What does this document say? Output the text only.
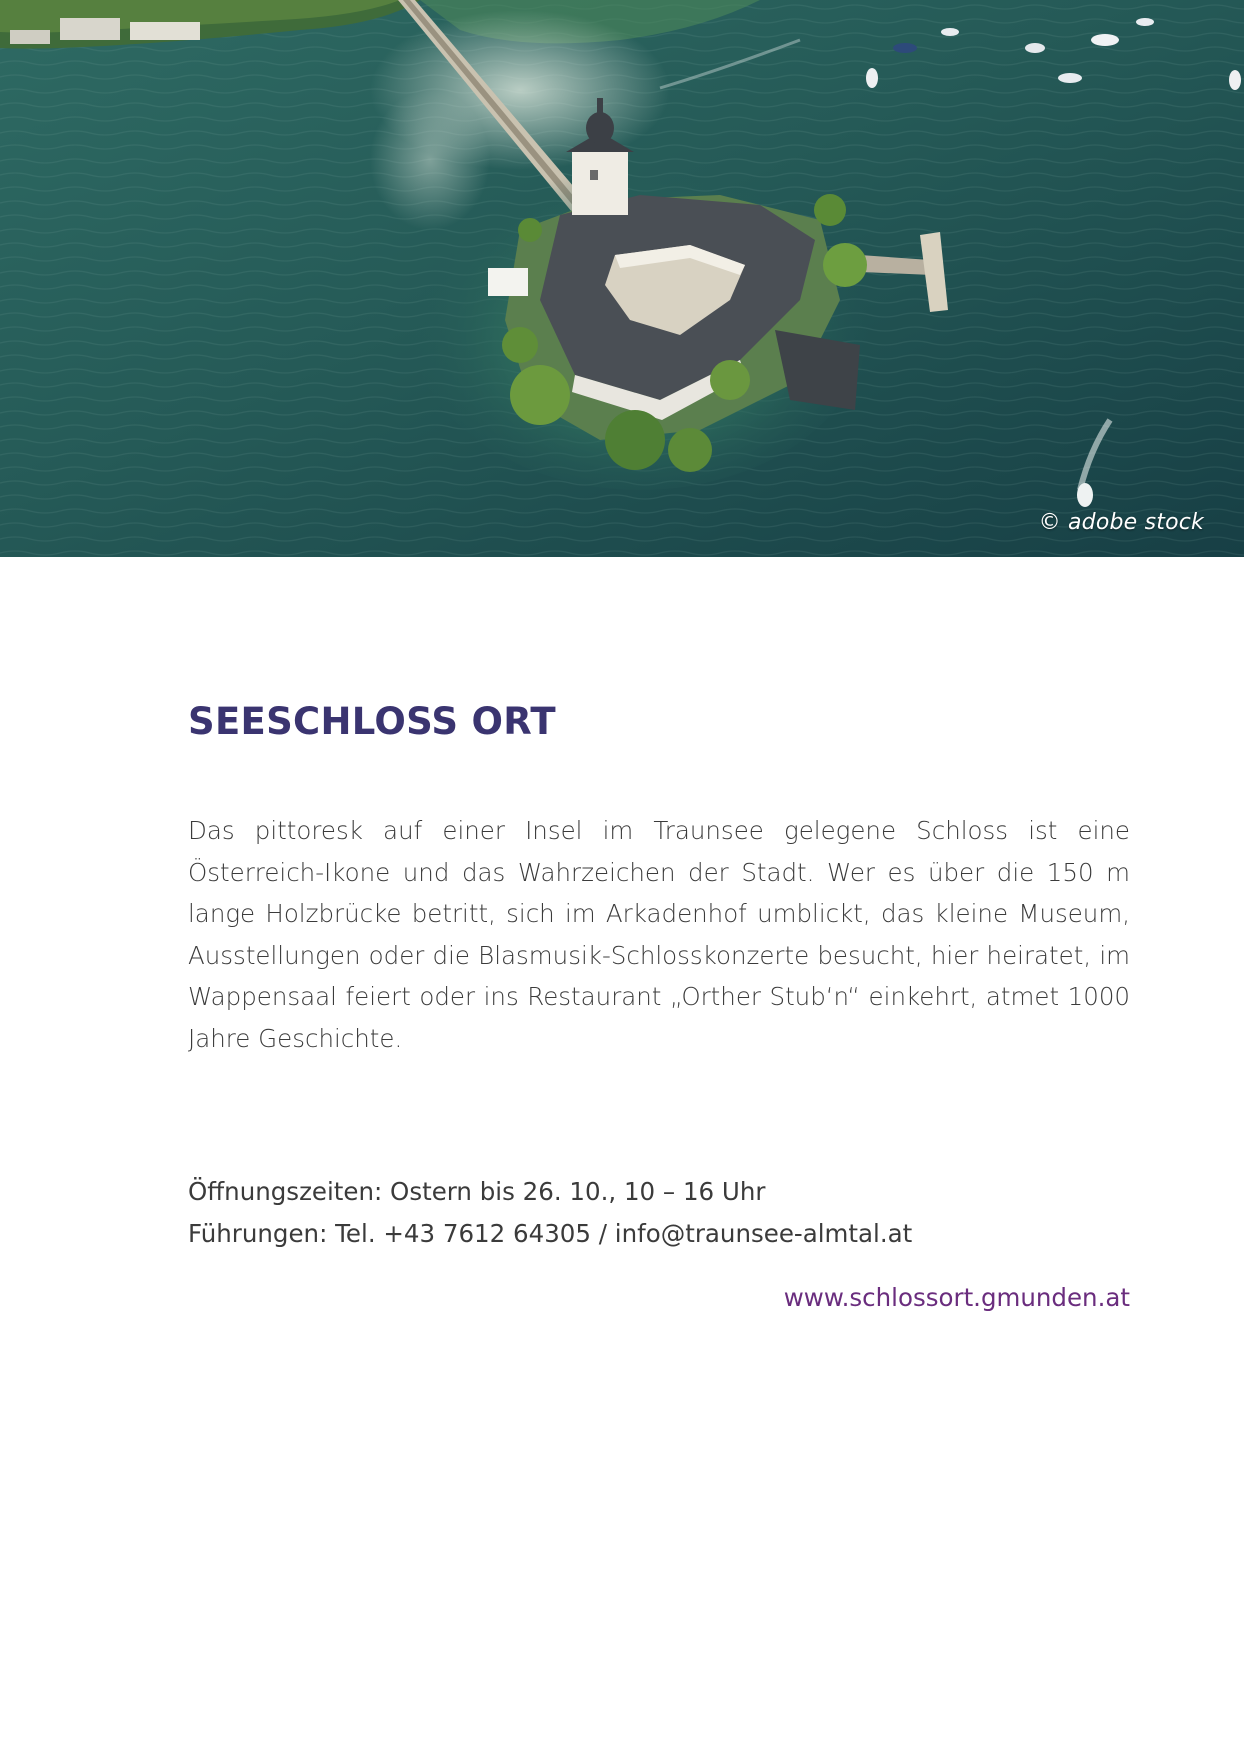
© adobe stock
SEESCHLOSS ORT

Das pittoresk auf einer Insel im Traunsee gelegene Schloss ist eine Österreich-Ikone und das Wahrzeichen der Stadt. Wer es über die 150 m lange Holzbrücke betritt, sich im Arkadenhof umblickt, das kleine Museum, Ausstellungen oder die Blasmusik-Schlosskonzerte besucht, hier heiratet, im Wappensaal feiert oder ins Restaurant „Orther Stub‘n“ einkehrt, atmet 1000 Jahre Geschichte.

Öffnungszeiten: Ostern bis 26. 10., 10 – 16 Uhr
Führungen: Tel. +43 7612 64305 / info@traunsee-almtal.at
www.schlossort.gmunden.at
